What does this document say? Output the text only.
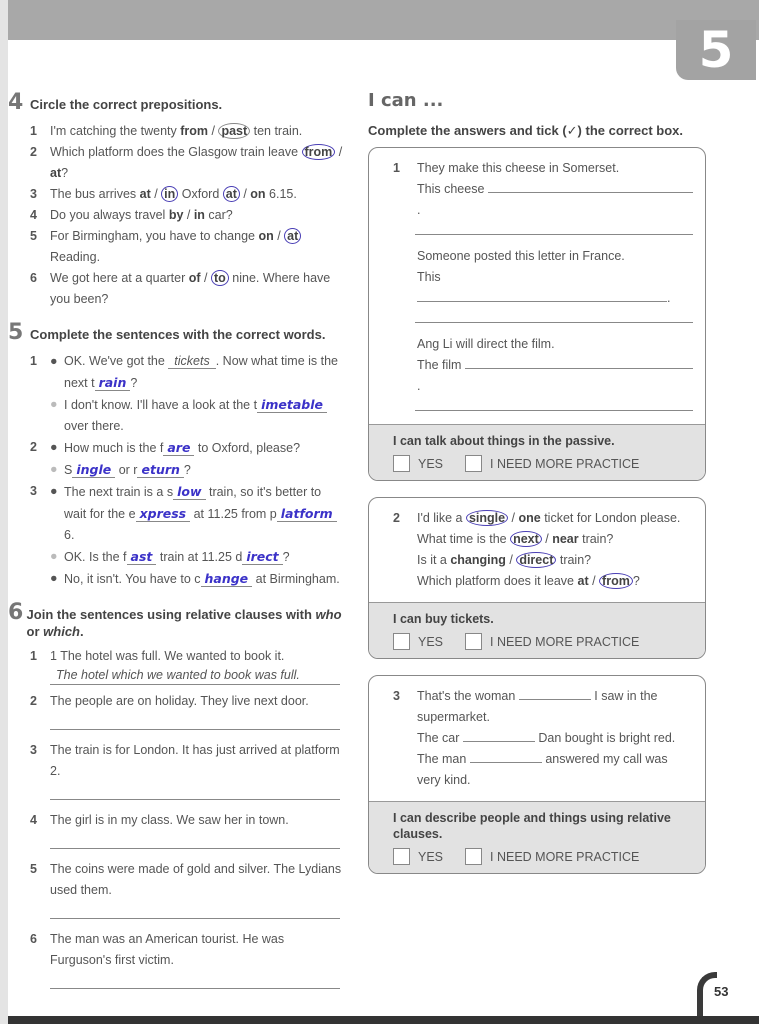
5
4 Circle the correct prepositions.
1	I'm catching the twenty from / past ten train.
2	Which platform does the Glasgow train leave from / at?
3	The bus arrives at / in Oxford at / on 6.15.
4	Do you always travel by / in car?
5	For Birmingham, you have to change on / at Reading.
6	We got here at a quarter of / to nine. Where have you been?
5 Complete the sentences with the correct words.
1	● OK. We've got the tickets . Now what time is the next t rain ?
● I don't know. I'll have a look at the t imetable over there.
2	● How much is the f are to Oxford, please?
● S ingle or r eturn ?
3	● The next train is a s low train, so it's better to wait for the e xpress at 11.25 from p latform 6.
● OK. Is the f ast train at 11.25 d irect ?
● No, it isn't. You have to c hange at Birmingham.
6 Join the sentences using relative clauses with who or which.
1	1 The hotel was full. We wanted to book it.
The hotel which we wanted to book was full.
2	The people are on holiday. They live next door.
3	The train is for London. It has just arrived at platform 2.
4	The girl is in my class. We saw her in town.
5	The coins were made of gold and silver. The Lydians used them.
6	The man was an American tourist. He was Furguson's first victim.
I can ...
Complete the answers and tick (✓) the correct box.
1	They make this cheese in Somerset.
This cheese .
Someone posted this letter in France.
This .
Ang Li will direct the film.
The film .
I can talk about things in the passive.
YES	I NEED MORE PRACTICE
2	I'd like a single / one ticket for London please.
What time is the next / near train?
Is it a changing / direct train?
Which platform does it leave at / from ?
I can buy tickets.
YES	I NEED MORE PRACTICE
3	That's the woman	I saw in the supermarket.
The car	Dan bought is bright red.
The man	answered my call was very kind.
I can describe people and things using relative clauses.
YES	I NEED MORE PRACTICE
53
